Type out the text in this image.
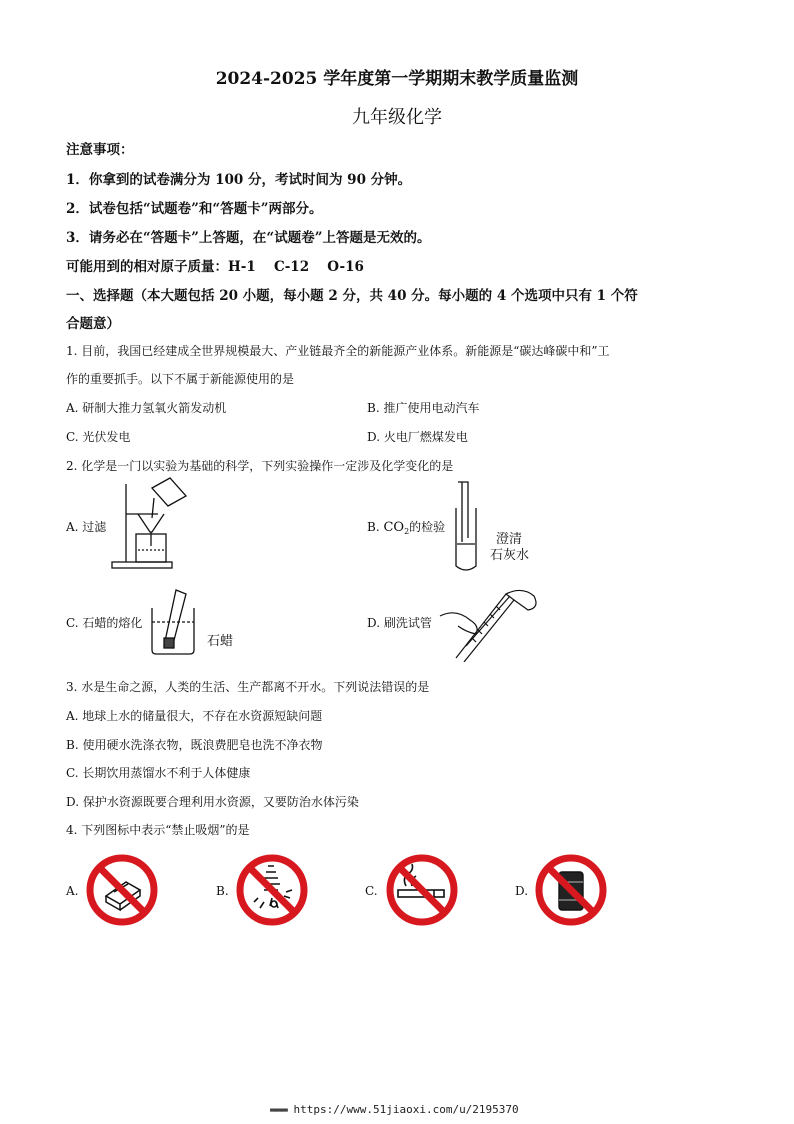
2024-2025 学年度第一学期期末教学质量监测
九年级化学
注意事项：
1．你拿到的试卷满分为 100 分，考试时间为 90 分钟。
2．试卷包括“试题卷”和“答题卡”两部分。
3．请务必在“答题卡”上答题，在“试题卷”上答题是无效的。
可能用到的相对原子质量：H-1　 C-12　 O-16
一、选择题（本大题包括 20 小题，每小题 2 分，共 40 分。每小题的 4 个选项中只有 1 个符
合题意）
1. 目前，我国已经建成全世界规模最大、产业链最齐全的新能源产业体系。新能源是“碳达峰碳中和”工
作的重要抓手。以下不属于新能源使用的是
A. 研制大推力氢氧火箭发动机	B. 推广使用电动汽车
C. 光伏发电	D. 火电厂燃煤发电
2. 化学是一门以实验为基础的科学，下列实验操作一定涉及化学变化的是
A. 过滤	B. $CO_2$的检验
澄清
石灰水
C. 石蜡的熔化
石蜡
D. 刷洗试管
3. 水是生命之源，人类的生活、生产都离不开水。下列说法错误的是
A. 地球上水的储量很大，不存在水资源短缺问题
B. 使用硬水洗涤衣物，既浪费肥皂也洗不净衣物
C. 长期饮用蒸馏水不利于人体健康
D. 保护水资源既要合理利用水资源，又要防治水体污染
4. 下列图标中表示“禁止吸烟”的是
A.	B.	C.	D.
▬▬▬ https://www.51jiaoxi.com/u/2195370
